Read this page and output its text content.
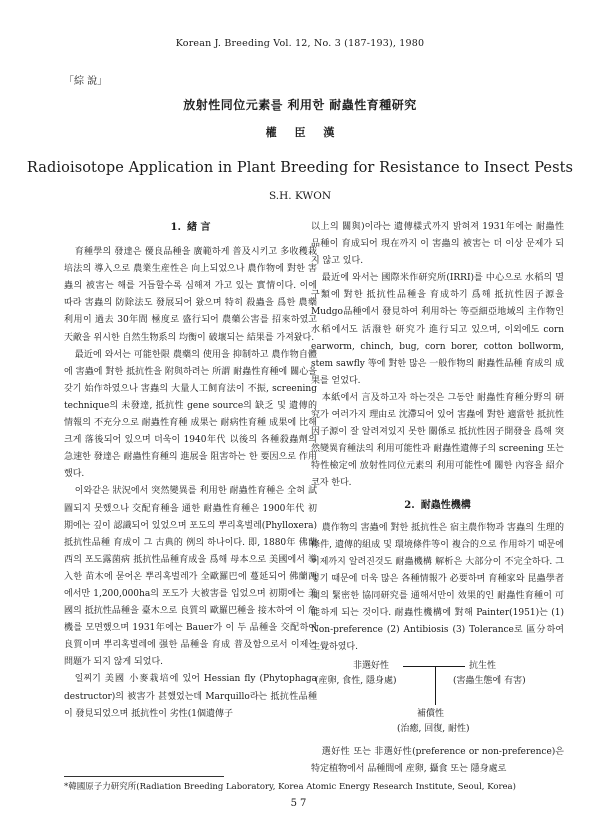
Korean J. Breeding Vol. 12, No. 3 (187-193), 1980
「綜 說」
放射性同位元素를 利用한 耐蟲性育種研究
權 臣 漢
Radioisotope Application in Plant Breeding for Resistance to Insect Pests
S.H. KWON
1. 緖 言

育種學의 發達은 優良品種을 廣範하게 普及시키고 多收穫栽培法의 導入으로 農業生産性은 向上되었으나 農作物에 對한 害蟲의 被害는 해를 거듭할수록 심해져 가고 있는 實情이다. 이에 따라 害蟲의 防除法도 發展되어 왔으며 特히 殺蟲을 爲한 農藥利用이 過去 30年間 極度로 盛行되어 農藥公害를 招來하였고 天敵을 위시한 自然生物系의 均衡이 破壞되는 結果를 가져왔다.

最近에 와서는 可能한限 農藥의 使用을 抑制하고 農作物自體에 害蟲에 對한 抵抗性을 附與하려는 所謂 耐蟲性育種에 關心을 갖기 始作하였으나 害蟲의 大量人工飼育法이 不振, screening technique의 未發達, 抵抗性 gene source의 缺乏 및 遺傳的情報의 不充分으로 耐蟲性育種 成果는 耐病性育種 成果에 比해 크게 落後되어 있으며 더욱이 1940年代 以後의 各種殺蟲劑의 急速한 發達은 耐蟲性育種의 進展을 阻害하는 한 要因으로 作用했다.

이와같은 狀況에서 突然變異를 利用한 耐蟲性育種은 全혀 試圖되지 못했으나 交配育種을 通한 耐蟲性育種은 1900年代 初期에는 깊이 認識되어 있었으며 포도의 뿌리혹벌레(Phylloxera) 抵抗性品種 育成이 그 古典的 例의 하나이다. 即, 1880年 佛蘭西의 포도露菌病 抵抗性品種育成을 爲해 母本으로 美國에서 導入한 苗木에 묻어온 뿌리혹벌레가 全歐羅巴에 蔓延되어 佛蘭西에서만 1,200,000ha의 포도가 大被害를 입었으며 初期에는 美國의 抵抗性品種을 臺木으로 良質의 歐羅巴種을 接木하여 이 危機를 모면했으며 1931年에는 Bauer가 이 두 品種을 交配하여 良質이며 뿌리혹벌레에 强한 品種을 育成 普及함으로서 이제는 問題가 되지 않게 되었다.

일찌기 美國 小麥栽培에 있어 Hessian fly (Phytophaga destructor)의 被害가 甚했었는데 Marquillo라는 抵抗性品種이 發見되었으며 抵抗性이 劣性(1個遺傳子

以上의 關與)이라는 遺傳樣式까지 밝혀져 1931年에는 耐蟲性品種이 育成되어 現在까지 이 害蟲의 被害는 더 이상 문제가 되지 않고 있다.

最近에 와서는 國際米作研究所(IRRI)를 中心으로 水稻의 멸구類에 對한 抵抗性品種을 育成하기 爲해 抵抗性因子源을 Mudgo品種에서 發見하여 利用하는 等亞細亞地域의 主作物인 水稻에서도 活潑한 研究가 進行되고 있으며, 이외에도 corn earworm, chinch, bug, corn borer, cotton bollworm, stem sawfly 等에 對한 많은 一般作物의 耐蟲性品種 育成의 成果를 얻었다.

本紙에서 言及하고자 하는것은 그동안 耐蟲性育種分野의 研究가 여러가지 理由로 沈滯되어 있어 害蟲에 對한 適當한 抵抗性因子源이 잘 알려져있지 못한 關係로 抵抗性因子開發을 爲해 突然變異育種法의 利用可能性과 耐蟲性遺傳子의 screening 또는 特性檢定에 放射性同位元素의 利用可能性에 關한 內容을 紹介코자 한다.

2. 耐蟲性機構

農作物의 害蟲에 對한 抵抗性은 宿主農作物과 害蟲의 生理的條件, 遺傳的組成 및 環境條件等이 複合的으로 作用하기 때문에 이제까지 알려진것도 耐蟲機構 解析은 大部分이 不完全하다. 그렇기 때문에 더욱 많은 各種情報가 必要하며 育種家와 昆蟲學者間의 緊密한 協同研究를 通해서만이 效果的인 耐蟲性育種이 可能하게 되는 것이다. 耐蟲性機構에 對해 Painter(1951)는 (1) Non-preference (2) Antibiosis (3) Tolerance로 區分하여 生覺하였다.

非選好性	抗生性
(産卵, 食性, 隱身處)	(害蟲生態에 有害)
補償性
(治癒, 回復, 耐性)

選好性 또는 非選好性(preference or non-preference)은 特定植物에서 品種間에 産卵, 攝食 또는 隱身處로

*韓國原子力研究所(Radiation Breeding Laboratory, Korea Atomic Energy Research Institute, Seoul, Korea)
57
